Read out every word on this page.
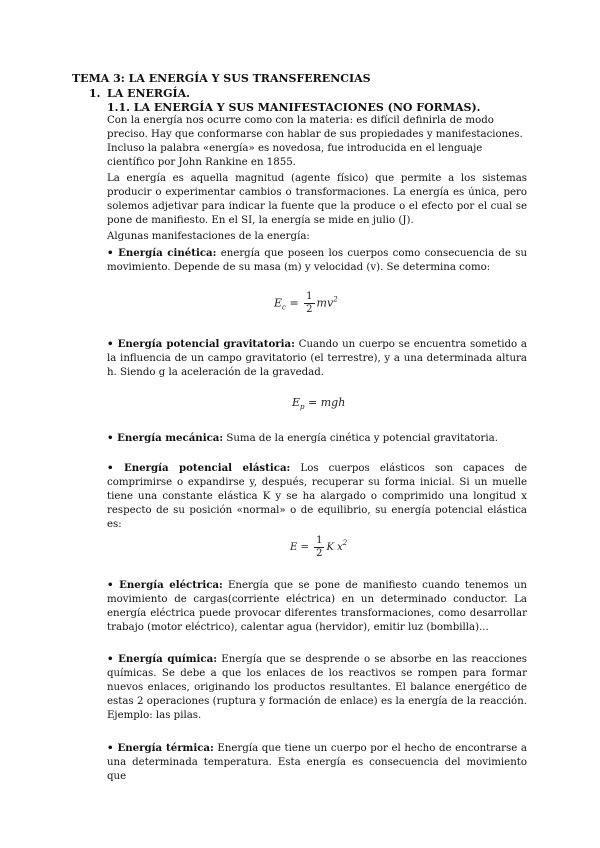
TEMA 3: LA ENERGÍA Y SUS TRANSFERENCIAS
1. LA ENERGÍA.
1.1. LA ENERGÍA Y SUS MANIFESTACIONES (NO FORMAS).
Con la energía nos ocurre como con la materia: es difícil definirla de modo preciso. Hay que conformarse con hablar de sus propiedades y manifestaciones. Incluso la palabra «energía» es novedosa, fue introducida en el lenguaje científico por John Rankine en 1855.
La energía es aquella magnitud (agente físico) que permite a los sistemas producir o experimentar cambios o transformaciones. La energía es única, pero solemos adjetivar para indicar la fuente que la produce o el efecto por el cual se pone de manifiesto. En el SI, la energía se mide en julio (J).
Algunas manifestaciones de la energía:
• Energía cinética: energía que poseen los cuerpos como consecuencia de su movimiento. Depende de su masa (m) y velocidad (v). Se determina como:
$E_c = \frac{1}{2} mv^2$
• Energía potencial gravitatoria: Cuando un cuerpo se encuentra sometido a la influencia de un campo gravitatorio (el terrestre), y a una determinada altura h. Siendo g la aceleración de la gravedad.
$E_p$ = mgh
• Energía mecánica: Suma de la energía cinética y potencial gravitatoria.
• Energía potencial elástica: Los cuerpos elásticos son capaces de comprimirse o expandirse y, después, recuperar su forma inicial. Si un muelle tiene una constante elástica K y se ha alargado o comprimido una longitud x respecto de su posición «normal» o de equilibrio, su energía potencial elástica es:
$E = \frac{1}{2}$ K $x^2$
• Energía eléctrica: Energía que se pone de manifiesto cuando tenemos un movimiento de cargas(corriente eléctrica) en un determinado conductor. La energía eléctrica puede provocar diferentes transformaciones, como desarrollar trabajo (motor eléctrico), calentar agua (hervidor), emitir luz (bombilla)...
• Energía química: Energía que se desprende o se absorbe en las reacciones químicas. Se debe a que los enlaces de los reactivos se rompen para formar nuevos enlaces, originando los productos resultantes. El balance energético de estas 2 operaciones (ruptura y formación de enlace) es la energía de la reacción. Ejemplo: las pilas.
• Energía térmica: Energía que tiene un cuerpo por el hecho de encontrarse a una determinada temperatura. Esta energía es consecuencia del movimiento que
